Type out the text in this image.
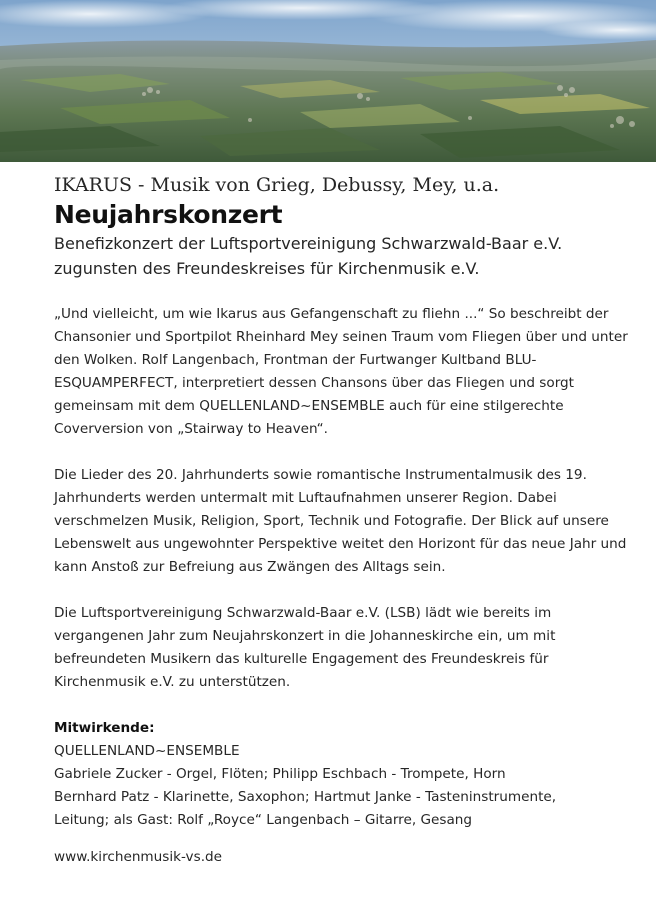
IKARUS - Musik von Grieg, Debussy, Mey, u.a.

Neujahrskonzert

Benefizkonzert der Luftsportvereinigung Schwarzwald-Baar e.V. zugunsten des Freundeskreises für Kirchenmusik e.V.

„Und vielleicht, um wie Ikarus aus Gefangenschaft zu fliehn ...“ So beschreibt der Chansonier und Sportpilot Rheinhard Mey seinen Traum vom Fliegen über und unter den Wolken. Rolf Langenbach, Frontman der Furtwanger Kultband BLU-ESQUAMPERFECT, interpretiert dessen Chansons über das Fliegen und sorgt gemeinsam mit dem QUELLENLAND~ENSEMBLE auch für eine stilgerechte Coverversion von „Stairway to Heaven“.

Die Lieder des 20. Jahrhunderts sowie romantische Instrumentalmusik des 19. Jahrhunderts werden untermalt mit Luftaufnahmen unserer Region. Dabei verschmelzen Musik, Religion, Sport, Technik und Fotografie. Der Blick auf unsere Lebenswelt aus ungewohnter Perspektive weitet den Horizont für das neue Jahr und kann Anstoß zur Befreiung aus Zwängen des Alltags sein.

Die Luftsportvereinigung Schwarzwald-Baar e.V. (LSB) lädt wie bereits im vergangenen Jahr zum Neujahrskonzert in die Johanneskirche ein, um mit befreundeten Musikern das kulturelle Engagement des Freundeskreis für Kirchenmusik e.V. zu unterstützen.

Mitwirkende:

QUELLENLAND~ENSEMBLE

Gabriele Zucker - Orgel, Flöten; Philipp Eschbach - Trompete, Horn

Bernhard Patz - Klarinette, Saxophon; Hartmut Janke - Tasteninstrumente,

Leitung; als Gast: Rolf „Royce“ Langenbach – Gitarre, Gesang

www.kirchenmusik-vs.de
